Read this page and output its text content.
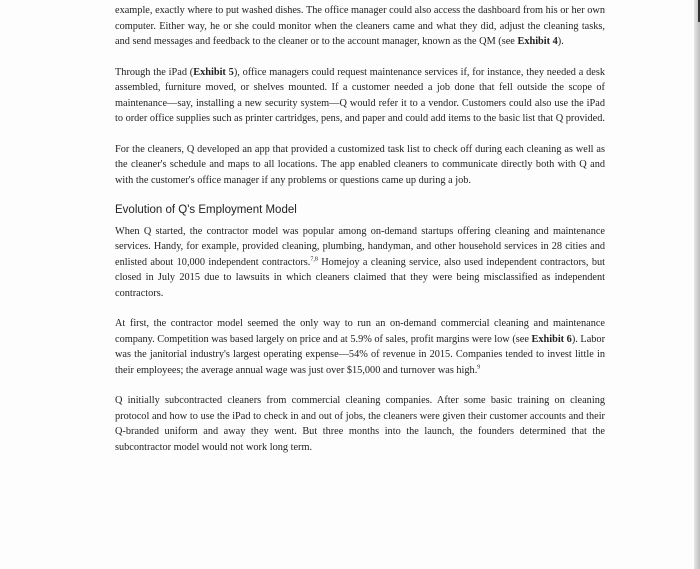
example, exactly where to put washed dishes. The office manager could also access the dashboard from his or her own computer. Either way, he or she could monitor when the cleaners came and what they did, adjust the cleaning tasks, and send messages and feedback to the cleaner or to the account manager, known as the QM (see Exhibit 4).

Through the iPad (Exhibit 5), office managers could request maintenance services if, for instance, they needed a desk assembled, furniture moved, or shelves mounted. If a customer needed a job done that fell outside the scope of maintenance—say, installing a new security system—Q would refer it to a vendor. Customers could also use the iPad to order office supplies such as printer cartridges, pens, and paper and could add items to the basic list that Q provided.

For the cleaners, Q developed an app that provided a customized task list to check off during each cleaning as well as the cleaner's schedule and maps to all locations. The app enabled cleaners to communicate directly both with Q and with the customer's office manager if any problems or questions came up during a job.

Evolution of Q's Employment Model

When Q started, the contractor model was popular among on-demand startups offering cleaning and maintenance services. Handy, for example, provided cleaning, plumbing, handyman, and other household services in 28 cities and enlisted about 10,000 independent contractors.$^{7,8}$ Homejoy a cleaning service, also used independent contractors, but closed in July 2015 due to lawsuits in which cleaners claimed that they were being misclassified as independent contractors.

At first, the contractor model seemed the only way to run an on-demand commercial cleaning and maintenance company. Competition was based largely on price and at 5.9% of sales, profit margins were low (see Exhibit 6). Labor was the janitorial industry's largest operating expense—54% of revenue in 2015. Companies tended to invest little in their employees; the average annual wage was just over $15,000 and turnover was high.$^9$

Q initially subcontracted cleaners from commercial cleaning companies. After some basic training on cleaning protocol and how to use the iPad to check in and out of jobs, the cleaners were given their customer accounts and their Q-branded uniform and away they went. But three months into the launch, the founders determined that the subcontractor model would not work long term.
